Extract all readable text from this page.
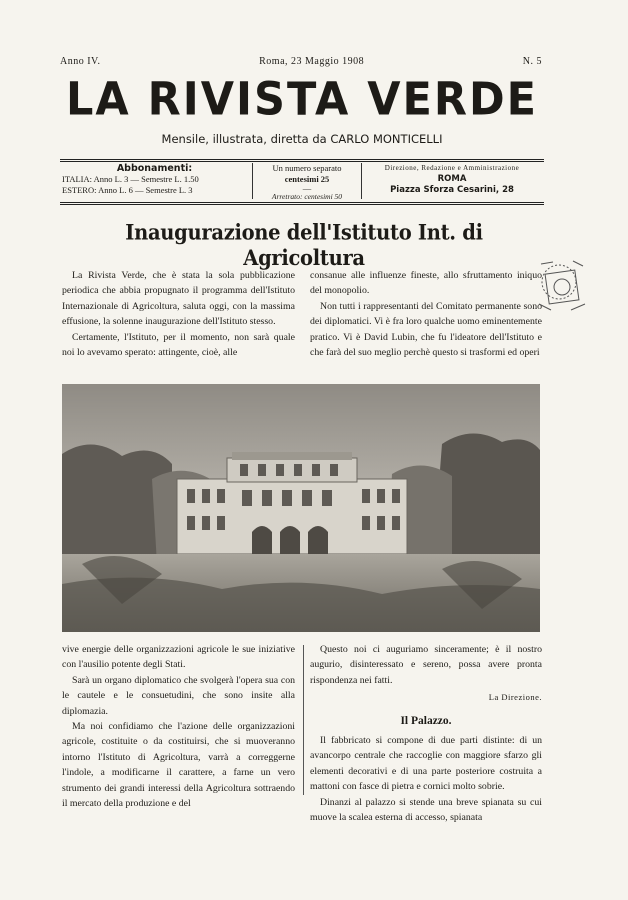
Anno IV.	Roma, 23 Maggio 1908	N. 5
LA RIVISTA VERDE
Mensile, illustrata, diretta da CARLO MONTICELLI
Abbonamenti:
ITALIA: Anno L. 3 — Semestre L. 1.50
ESTERO: Anno L. 6 — Semestre L. 3
Un numero separato
centesimi 25
—
Arretrato: centesimi 50
Direzione, Redazione e Amministrazione
ROMA
Piazza Sforza Cesarini, 28
Inaugurazione dell'Istituto Int. di Agricoltura

La Rivista Verde, che è stata la sola pubblicazione periodica che abbia propugnato il programma dell'Istituto Internazionale di Agricoltura, saluta oggi, con la massima effusione, la solenne inaugurazione dell'Istituto stesso.

Certamente, l'Istituto, per il momento, non sarà quale noi lo avevamo sperato: attingente, cioè, alle

consanue alle influenze fineste, allo sfruttamento iniquo del monopolio.

Non tutti i rappresentanti del Comitato permanente sono dei diplomatici. Vi è fra loro qualche uomo eminentemente pratico. Vi è David Lubin, che fu l'ideatore dell'Istituto e che farà del suo meglio perchè questo si trasformi ed operi

vive energie delle organizzazioni agricole le sue iniziative con l'ausilio potente degli Stati.

Sarà un organo diplomatico che svolgerà l'opera sua con le cautele e le consuetudini, che sono insite alla diplomazia.

Ma noi confidiamo che l'azione delle organizzazioni agricole, costituite o da costituirsi, che si muoveranno intorno l'Istituto di Agricoltura, varrà a correggerne l'indole, a modificarne il carattere, a farne un vero strumento dei grandi interessi della Agricoltura sottraendo il mercato della produzione e del

Questo noi ci auguriamo sinceramente; è il nostro augurio, disinteressato e sereno, possa avere pronta rispondenza nei fatti.

La Direzione.

Il Palazzo.

Il fabbricato si compone di due parti distinte: di un avancorpo centrale che raccoglie con maggiore sfarzo gli elementi decorativi e di una parte posteriore costruita a mattoni con fasce di pietra e cornici molto sobrie.

Dinanzi al palazzo si stende una breve spianata su cui muove la scalea esterna di accesso, spianata
